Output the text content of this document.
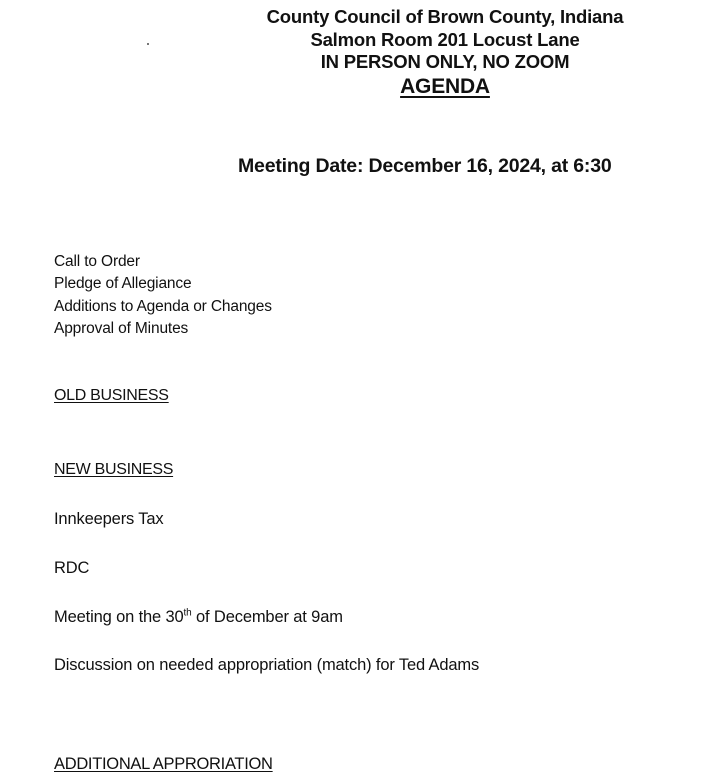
County Council of Brown County, Indiana
Salmon Room 201 Locust Lane
IN PERSON ONLY, NO ZOOM
AGENDA
Meeting Date: December 16, 2024, at 6:30
Call to Order
Pledge of Allegiance
Additions to Agenda or Changes
Approval of Minutes
OLD BUSINESS
NEW BUSINESS
Innkeepers Tax
RDC
Meeting on the 30th of December at 9am
Discussion on needed appropriation (match) for Ted Adams
ADDITIONAL APPRORIATION
